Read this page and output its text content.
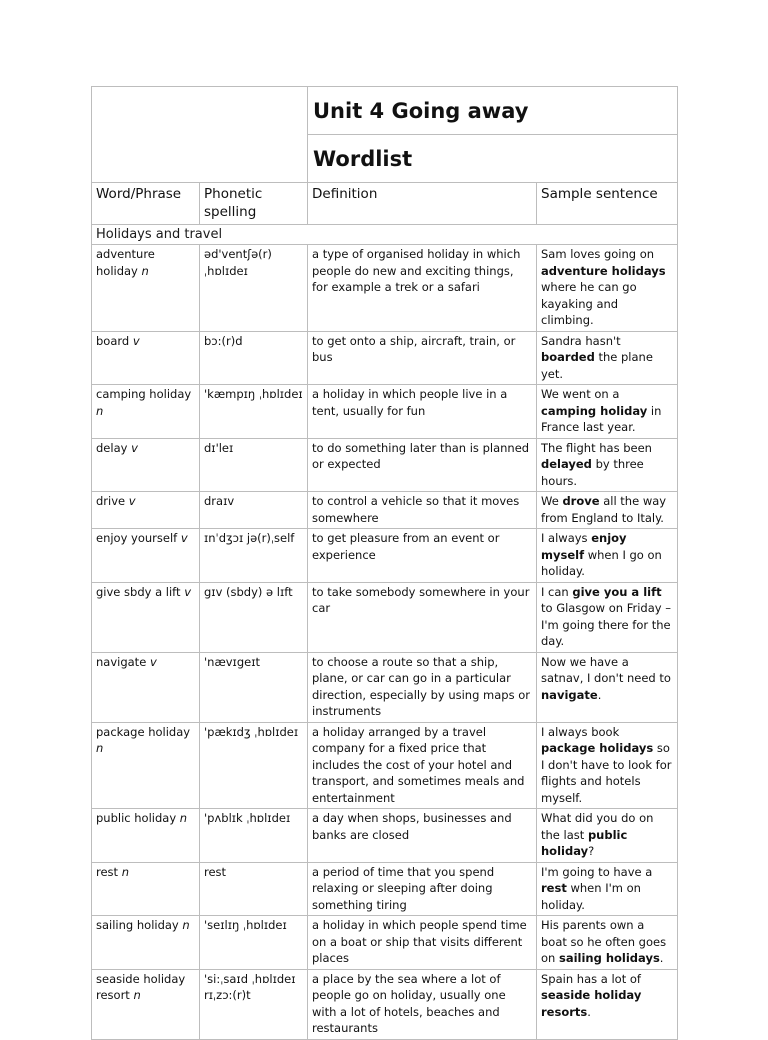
		Unit 4 Going away	
		Wordlist	
Word/Phrase	Phonetic spelling	Definition	Sample sentence
Holidays and travel			
adventure holiday n	əd'ventʃə(r) ˌhɒlɪdeɪ	a type of organised holiday in which people do new and exciting things, for example a trek or a safari	Sam loves going on adventure holidays where he can go kayaking and climbing.
board v	bɔ:(r)d	to get onto a ship, aircraft, train, or bus	Sandra hasn't boarded the plane yet.
camping holiday n	'kæmpɪŋ ˌhɒlɪdeɪ	a holiday in which people live in a tent, usually for fun	We went on a camping holiday in France last year.
delay v	dɪ'leɪ	to do something later than is planned or expected	The flight has been delayed by three hours.
drive v	draɪv	to control a vehicle so that it moves somewhere	We drove all the way from England to Italy.
enjoy yourself v	ɪnˈdʒɔɪ jə(r)ˌself	to get pleasure from an event or experience	I always enjoy myself when I go on holiday.
give sbdy a lift v	gɪv (sbdy) ə lɪft	to take somebody somewhere in your car	I can give you a lift to Glasgow on Friday – I'm going there for the day.
navigate v	'nævɪgeɪt	to choose a route so that a ship, plane, or car can go in a particular direction, especially by using maps or instruments	Now we have a satnav, I don't need to navigate.
package holiday n	'pækɪdʒ ˌhɒlɪdeɪ	a holiday arranged by a travel company for a fixed price that includes the cost of your hotel and transport, and sometimes meals and entertainment	I always book package holidays so I don't have to look for flights and hotels myself.
public holiday n	'pʌblɪk ˌhɒlɪdeɪ	a day when shops, businesses and banks are closed	What did you do on the last public holiday?
rest n	rest	a period of time that you spend relaxing or sleeping after doing something tiring	I'm going to have a rest when I'm on holiday.
sailing holiday n	'seɪlɪŋ ˌhɒlɪdeɪ	a holiday in which people spend time on a boat or ship that visits different places	His parents own a boat so he often goes on sailing holidays.
seaside holiday resort n	'si:ˌsaɪd ˌhɒlɪdeɪ rɪˌzɔ:(r)t	a place by the sea where a lot of people go on holiday, usually one with a lot of hotels, beaches and restaurants	Spain has a lot of seaside holiday resorts.
